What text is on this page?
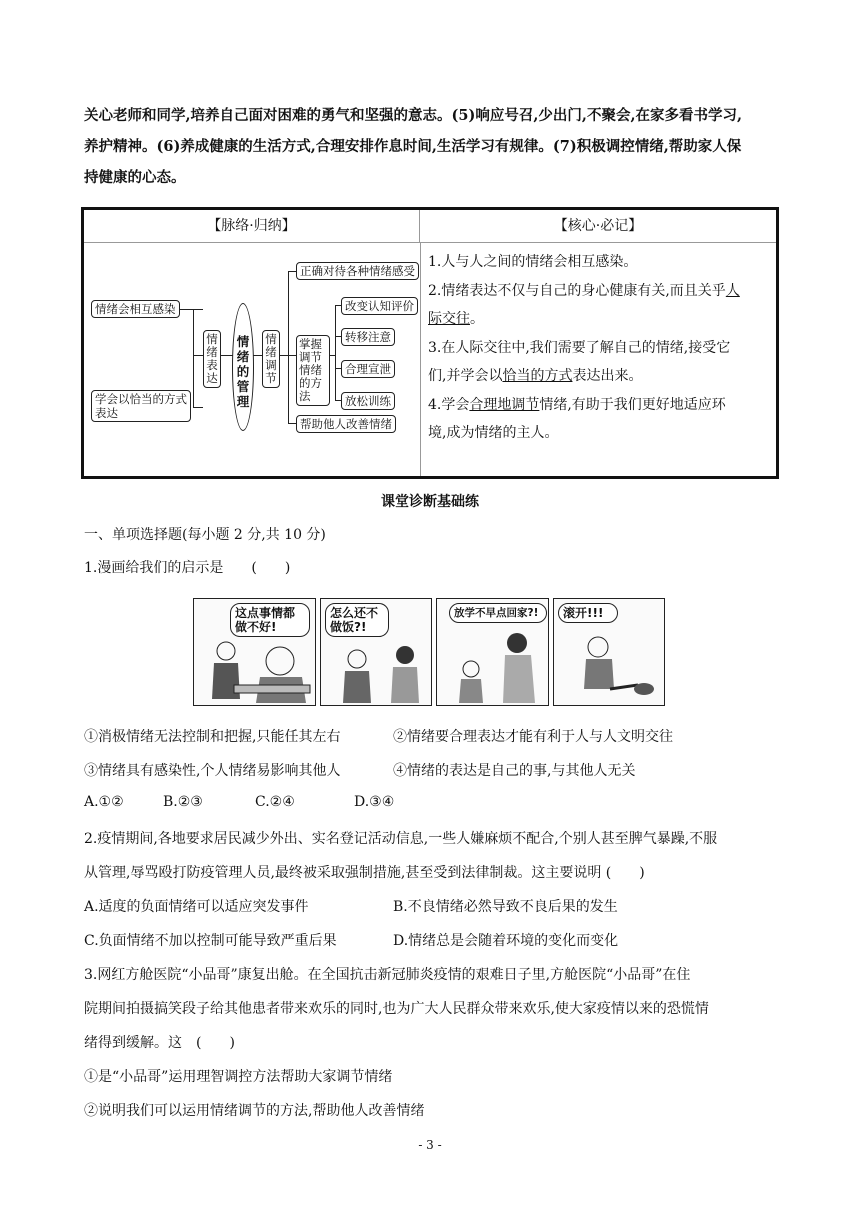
关心老师和同学,培养自己面对困难的勇气和坚强的意志。(5)响应号召,少出门,不聚会,在家多看书学习,
养护精神。(6)养成健康的生活方式,合理安排作息时间,生活学习有规律。(7)积极调控情绪,帮助家人保
持健康的心态。
【脉络·归纳】	【核心·必记】
情绪会相互感染
学会以恰当的方式
表达
情绪表达
情绪的管理
情绪调节
正确对待各种情绪感受
掌握调节情绪的方法
改变认知评价
转移注意
合理宣泄
放松训练
帮助他人改善情绪
1.人与人之间的情绪会相互感染。
2.情绪表达不仅与自己的身心健康有关,而且关乎人
际交往。
3.在人际交往中,我们需要了解自己的情绪,接受它
们,并学会以恰当的方式表达出来。
4.学会合理地调节情绪,有助于我们更好地适应环
境,成为情绪的主人。
课堂诊断基础练
一、单项选择题(每小题 2 分,共 10 分)
1.漫画给我们的启示是　　(　　)
这点事情都做不好!
怎么还不做饭?!
放学不早点回家?!	滚开!!!
①消极情绪无法控制和把握,只能任其左右	②情绪要合理表达才能有利于人与人文明交往
③情绪具有感染性,个人情绪易影响其他人	④情绪的表达是自己的事,与其他人无关
A.①②	B.②③	C.②④	D.③④
2.疫情期间,各地要求居民减少外出、实名登记活动信息,一些人嫌麻烦不配合,个别人甚至脾气暴躁,不服
从管理,辱骂殴打防疫管理人员,最终被采取强制措施,甚至受到法律制裁。这主要说明 (　　)
A.适度的负面情绪可以适应突发事件	B.不良情绪必然导致不良后果的发生
C.负面情绪不加以控制可能导致严重后果	D.情绪总是会随着环境的变化而变化
3.网红方舱医院“小品哥”康复出舱。在全国抗击新冠肺炎疫情的艰难日子里,方舱医院“小品哥”在住
院期间拍摄搞笑段子给其他患者带来欢乐的同时,也为广大人民群众带来欢乐,使大家疫情以来的恐慌情
绪得到缓解。这　(　　)
①是“小品哥”运用理智调控方法帮助大家调节情绪
②说明我们可以运用情绪调节的方法,帮助他人改善情绪
- 3 -
